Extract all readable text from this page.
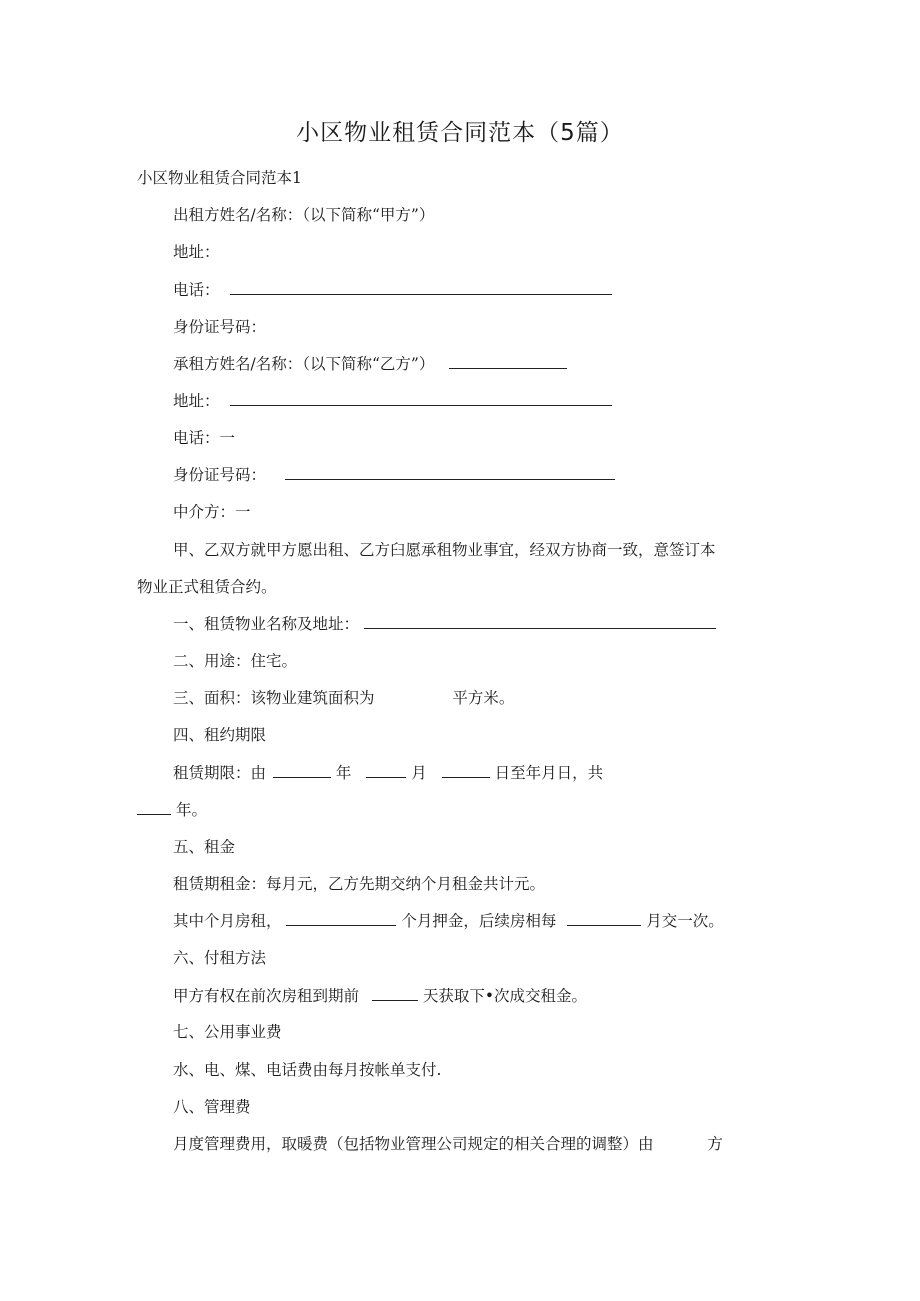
小区物业租赁合同范本（5篇）
小区物业租赁合同范本1
出租方姓名/名称：（以下简称“甲方”）
地址：
电话：
身份证号码：
承租方姓名/名称：（以下简称“乙方”）
地址：
电话：一
身份证号码：
中介方：一
甲、乙双方就甲方愿出租、乙方臼愿承租物业事宜，经双方协商一致，意签订本
物业正式租赁合约。
一、租赁物业名称及地址：
二、用途：住宅。
三、面积：该物业建筑面积为	平方米。
四、租约期限
租赁期限：由	年	月	日至年月日，共
年。
五、租金
租赁期租金：每月元，乙方先期交纳个月租金共计元。
其中个月房租，	个月押金，后续房相每	月交一次。
六、付租方法
甲方有权在前次房租到期前	天获取下•次成交租金。
七、公用事业费
水、电、煤、电话费由每月按帐单支付.
八、管理费
月度管理费用，取暖费（包括物业管理公司规定的相关合理的调整）由	方
